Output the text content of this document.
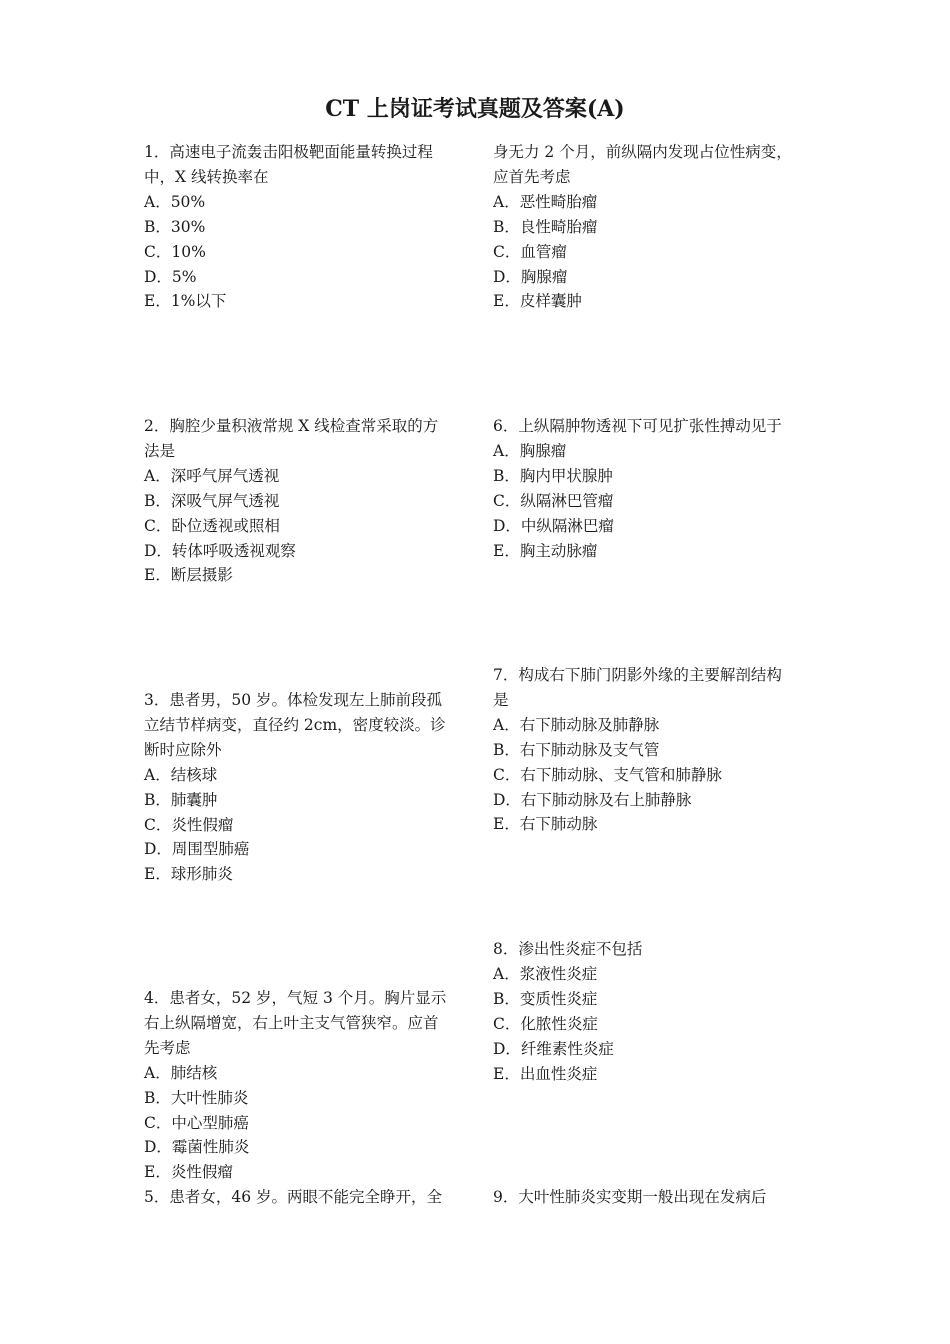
CT 上岗证考试真题及答案(A)
1．高速电子流轰击阳极靶面能量转换过程
中，X 线转换率在
A．50%
B．30%
C．10%
D．5%
E．1%以下
2．胸腔少量积液常规 X 线检查常采取的方
法是
A．深呼气屏气透视
B．深吸气屏气透视
C．卧位透视或照相
D．转体呼吸透视观察
E．断层摄影
3．患者男，50 岁。体检发现左上肺前段孤
立结节样病变，直径约 2cm，密度较淡。诊
断时应除外
A．结核球
B．肺囊肿
C．炎性假瘤
D．周围型肺癌
E．球形肺炎
4．患者女，52 岁，气短 3 个月。胸片显示
右上纵隔增宽，右上叶主支气管狭窄。应首
先考虑
A．肺结核
B．大叶性肺炎
C．中心型肺癌
D．霉菌性肺炎
E．炎性假瘤
5．患者女，46 岁。两眼不能完全睁开，全
身无力 2 个月，前纵隔内发现占位性病变，
应首先考虑
A．恶性畸胎瘤
B．良性畸胎瘤
C．血管瘤
D．胸腺瘤
E．皮样囊肿
6．上纵隔肿物透视下可见扩张性搏动见于
A．胸腺瘤
B．胸内甲状腺肿
C．纵隔淋巴管瘤
D．中纵隔淋巴瘤
E．胸主动脉瘤
7．构成右下肺门阴影外缘的主要解剖结构
是
A．右下肺动脉及肺静脉
B．右下肺动脉及支气管
C．右下肺动脉、支气管和肺静脉
D．右下肺动脉及右上肺静脉
E．右下肺动脉
8．渗出性炎症不包括
A．浆液性炎症
B．变质性炎症
C．化脓性炎症
D．纤维素性炎症
E．出血性炎症
9．大叶性肺炎实变期一般出现在发病后
